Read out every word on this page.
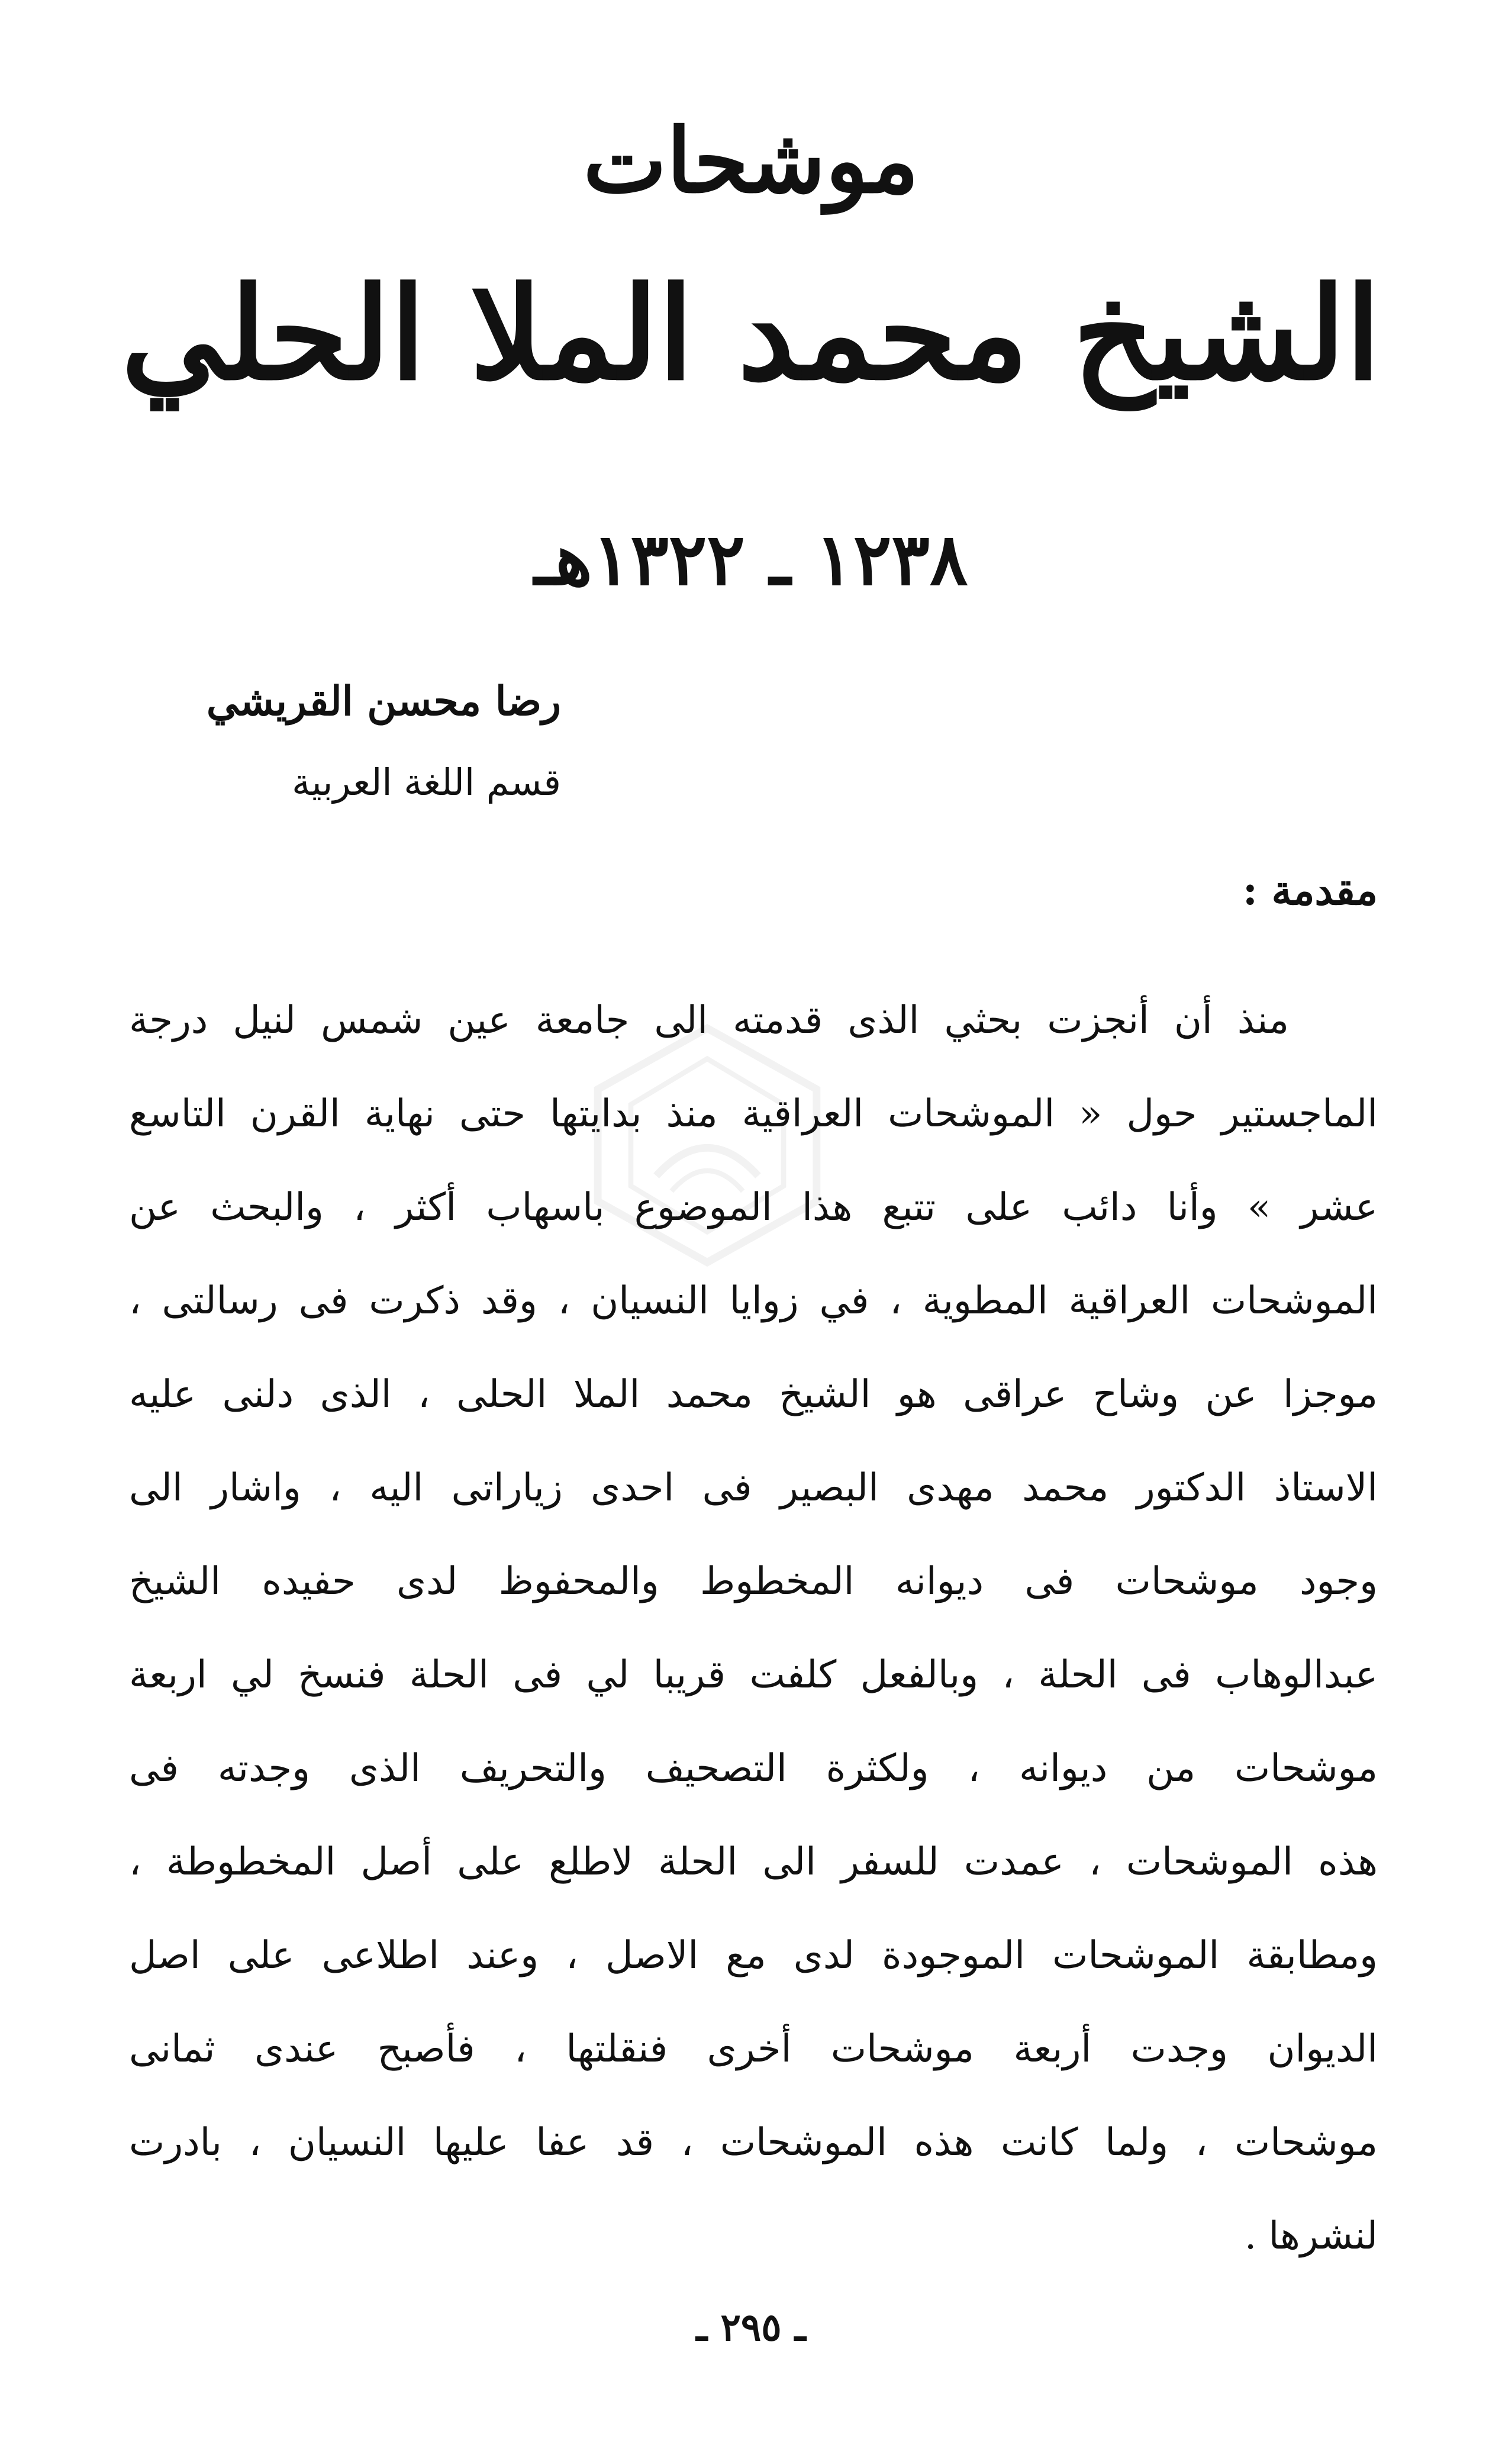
موشحات
الشيخ محمد الملا الحلي
١٢٣٨ ـ ١٣٢٢هـ
رضا محسن القريشي
قسم اللغة العربية
مقدمة :
منذ أن أنجزت بحثي الذى قدمته الى جامعة عين شمس لنيل درجة
الماجستير حول « الموشحات العراقية منذ بدايتها حتى نهاية القرن التاسع
عشر » وأنا دائب على تتبع هذا الموضوع باسهاب أكثر ، والبحث عن
الموشحات العراقية المطوية ، في زوايا النسيان ، وقد ذكرت فى رسالتى ،
موجزا عن وشاح عراقى هو الشيخ محمد الملا الحلى ، الذى دلنى عليه
الاستاذ الدكتور محمد مهدى البصير فى احدى زياراتى اليه ، واشار الى
وجود موشحات فى ديوانه المخطوط والمحفوظ لدى حفيده الشيخ
عبدالوهاب فى الحلة ، وبالفعل كلفت قريبا لي فى الحلة فنسخ لي اربعة
موشحات من ديوانه ، ولكثرة التصحيف والتحريف الذى وجدته فى
هذه الموشحات ، عمدت للسفر الى الحلة لاطلع على أصل المخطوطة ،
ومطابقة الموشحات الموجودة لدى مع الاصل ، وعند اطلاعى على اصل
الديوان وجدت أربعة موشحات أخرى فنقلتها ، فأصبح عندى ثمانى
موشحات ، ولما كانت هذه الموشحات ، قد عفا عليها النسيان ، بادرت
لنشرها .
ـ ٢٩٥ ـ
